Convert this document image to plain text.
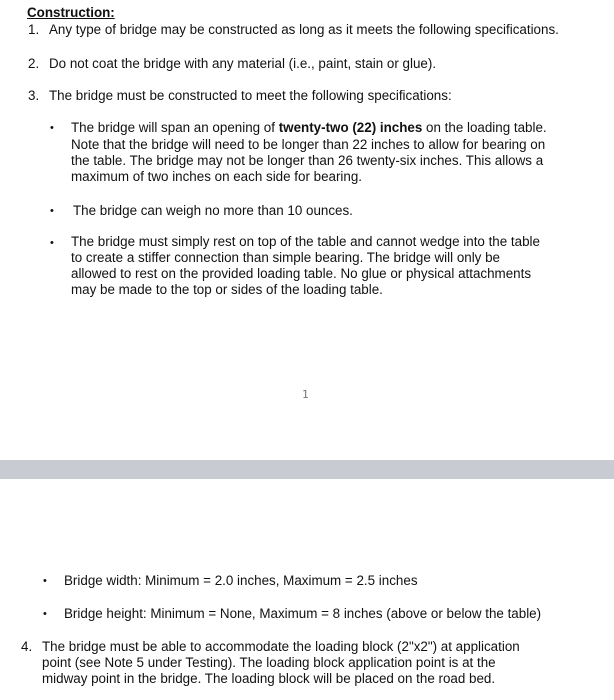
Construction:
1. Any type of bridge may be constructed as long as it meets the following specifications.
2. Do not coat the bridge with any material (i.e., paint, stain or glue).
3. The bridge must be constructed to meet the following specifications:
• The bridge will span an opening of twenty-two (22) inches on the loading table.
Note that the bridge will need to be longer than 22 inches to allow for bearing on
the table. The bridge may not be longer than 26 twenty-six inches. This allows a
maximum of two inches on each side for bearing.
• The bridge can weigh no more than 10 ounces.
• The bridge must simply rest on top of the table and cannot wedge into the table
to create a stiffer connection than simple bearing. The bridge will only be
allowed to rest on the provided loading table. No glue or physical attachments
may be made to the top or sides of the loading table.
1
• Bridge width: Minimum = 2.0 inches, Maximum = 2.5 inches
• Bridge height: Minimum = None, Maximum = 8 inches (above or below the table)
4. The bridge must be able to accommodate the loading block (2"x2") at application
point (see Note 5 under Testing). The loading block application point is at the
midway point in the bridge. The loading block will be placed on the road bed.
